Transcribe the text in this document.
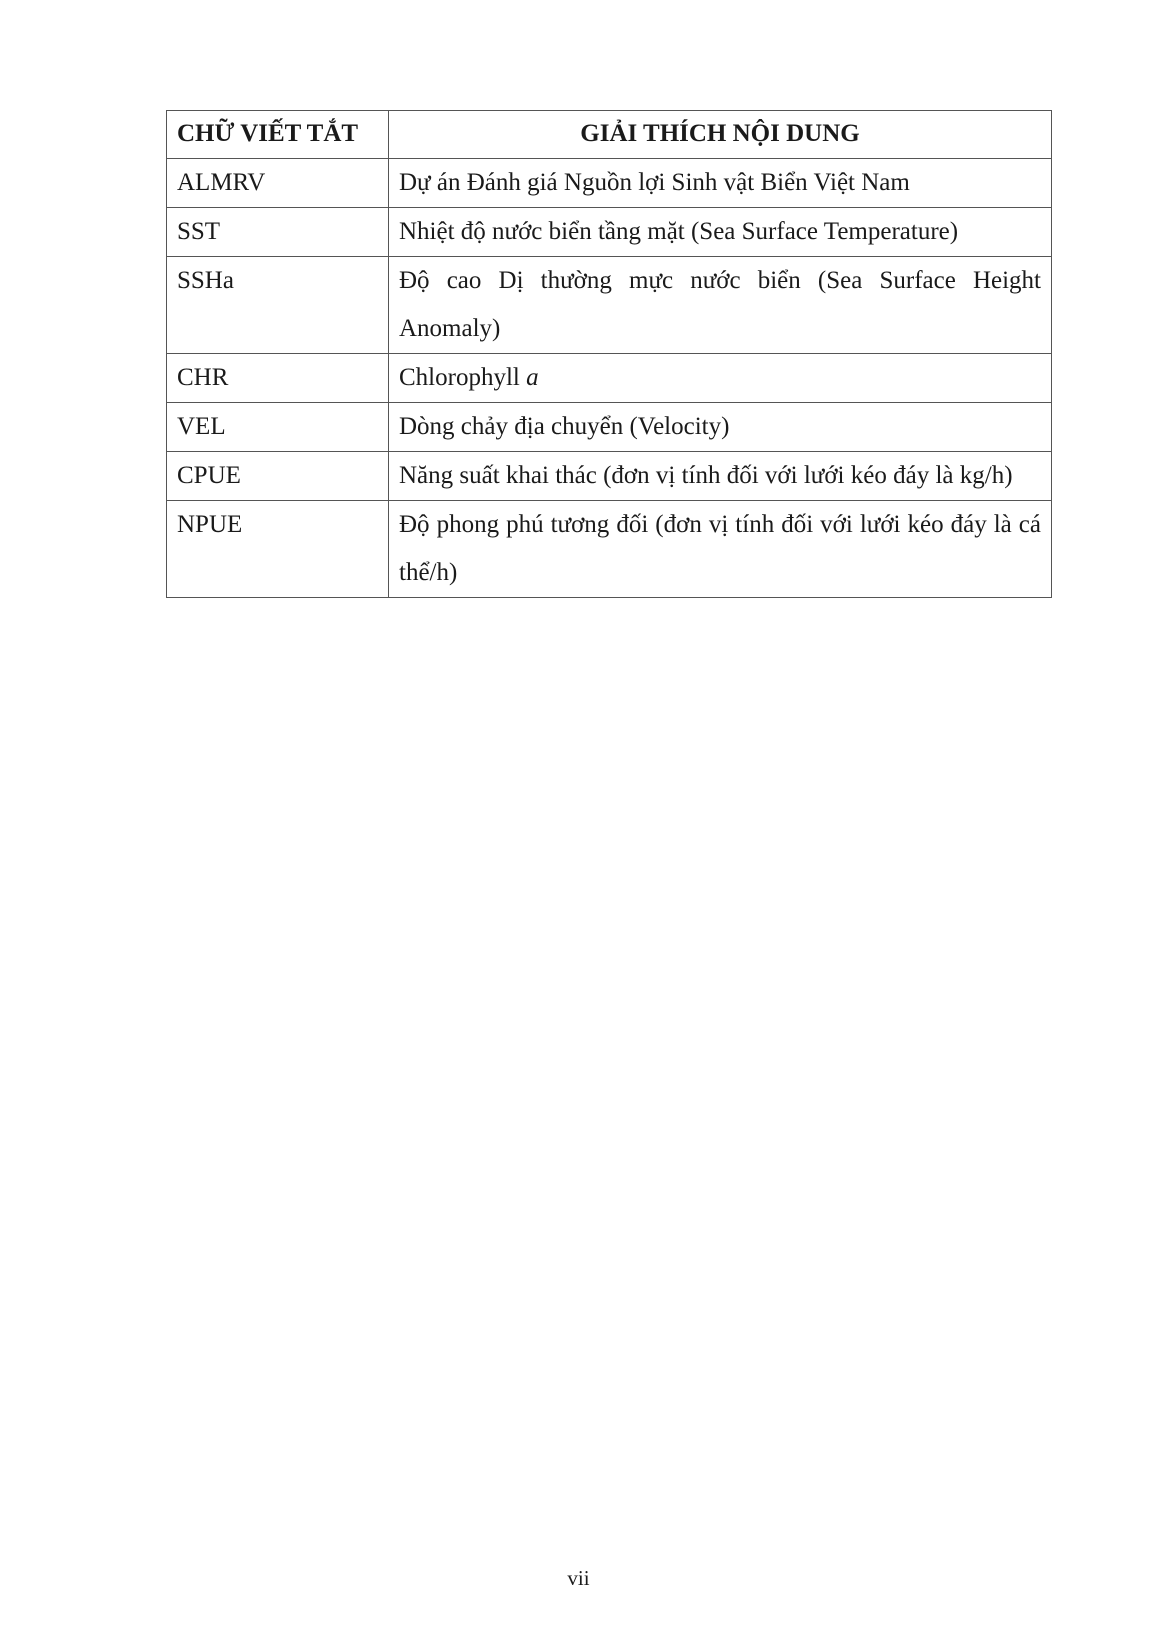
CHỮ VIẾT TẮT	GIẢI THÍCH NỘI DUNG
ALMRV	Dự án Đánh giá Nguồn lợi Sinh vật Biển Việt Nam
SST	Nhiệt độ nước biển tầng mặt (Sea Surface Temperature)
SSHa	Độ cao Dị thường mực nước biển (Sea Surface Height Anomaly)
CHR	Chlorophyll a
VEL	Dòng chảy địa chuyển (Velocity)
CPUE	Năng suất khai thác (đơn vị tính đối với lưới kéo đáy là kg/h)
NPUE	Độ phong phú tương đối (đơn vị tính đối với lưới kéo đáy là cá thể/h)
vii
